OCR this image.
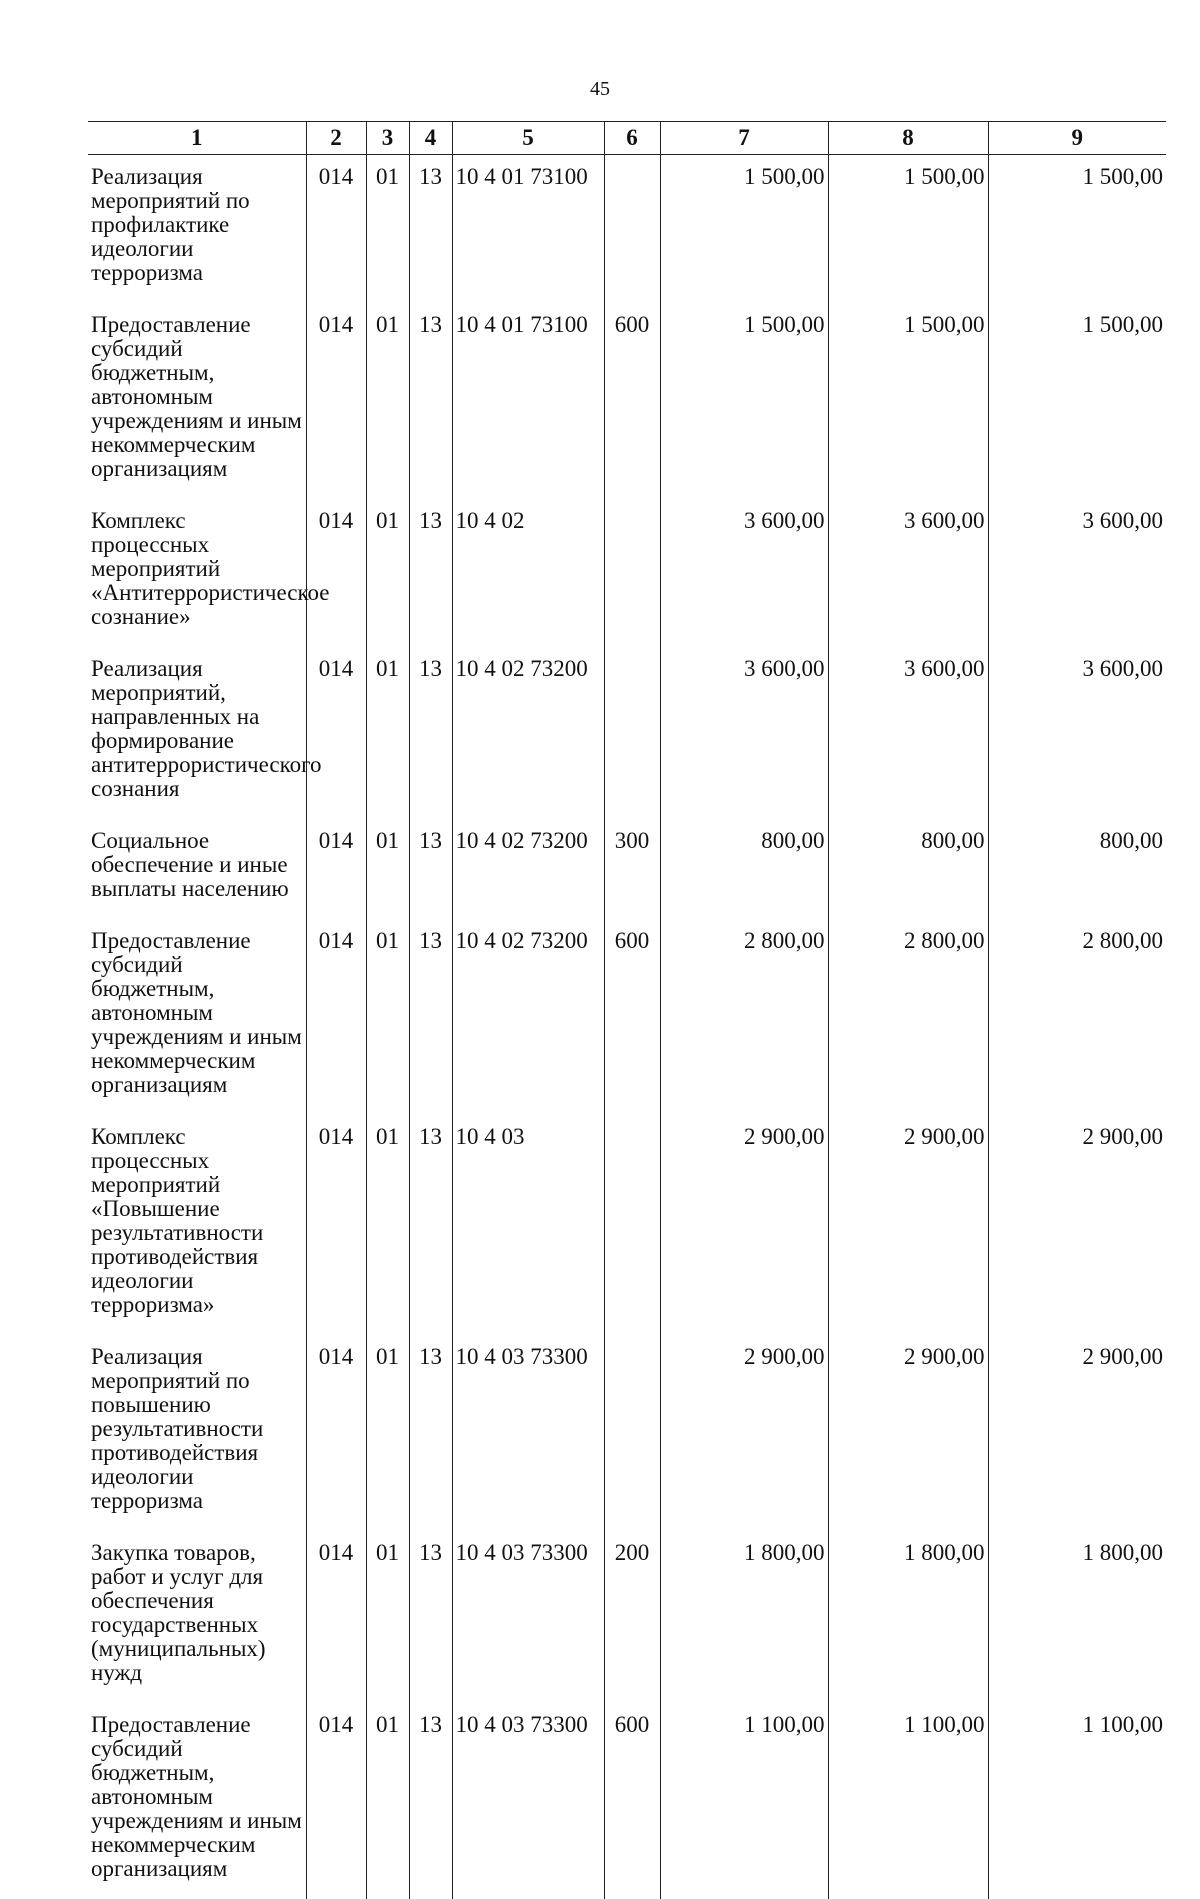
45
1	2	3	4	5	6	7	8	9
Реализация мероприятий по профилактике идеологии терроризма	014	01	13	10 4 01 73100		1 500,00	1 500,00	1 500,00
Предоставление субсидий бюджетным, автономным учреждениям и иным некоммерческим организациям	014	01	13	10 4 01 73100	600	1 500,00	1 500,00	1 500,00
Комплекс процессных мероприятий «Антитеррористическое сознание»	014	01	13	10 4 02		3 600,00	3 600,00	3 600,00
Реализация мероприятий, направленных на формирование антитеррористического сознания	014	01	13	10 4 02 73200		3 600,00	3 600,00	3 600,00
Социальное обеспечение и иные выплаты населению	014	01	13	10 4 02 73200	300	800,00	800,00	800,00
Предоставление субсидий бюджетным, автономным учреждениям и иным некоммерческим организациям	014	01	13	10 4 02 73200	600	2 800,00	2 800,00	2 800,00
Комплекс процессных мероприятий «Повышение результативности противодействия идеологии терроризма»	014	01	13	10 4 03		2 900,00	2 900,00	2 900,00
Реализация мероприятий по повышению результативности противодействия идеологии терроризма	014	01	13	10 4 03 73300		2 900,00	2 900,00	2 900,00
Закупка товаров, работ и услуг для обеспечения государственных (муниципальных) нужд	014	01	13	10 4 03 73300	200	1 800,00	1 800,00	1 800,00
Предоставление субсидий бюджетным, автономным учреждениям и иным некоммерческим организациям	014	01	13	10 4 03 73300	600	1 100,00	1 100,00	1 100,00
